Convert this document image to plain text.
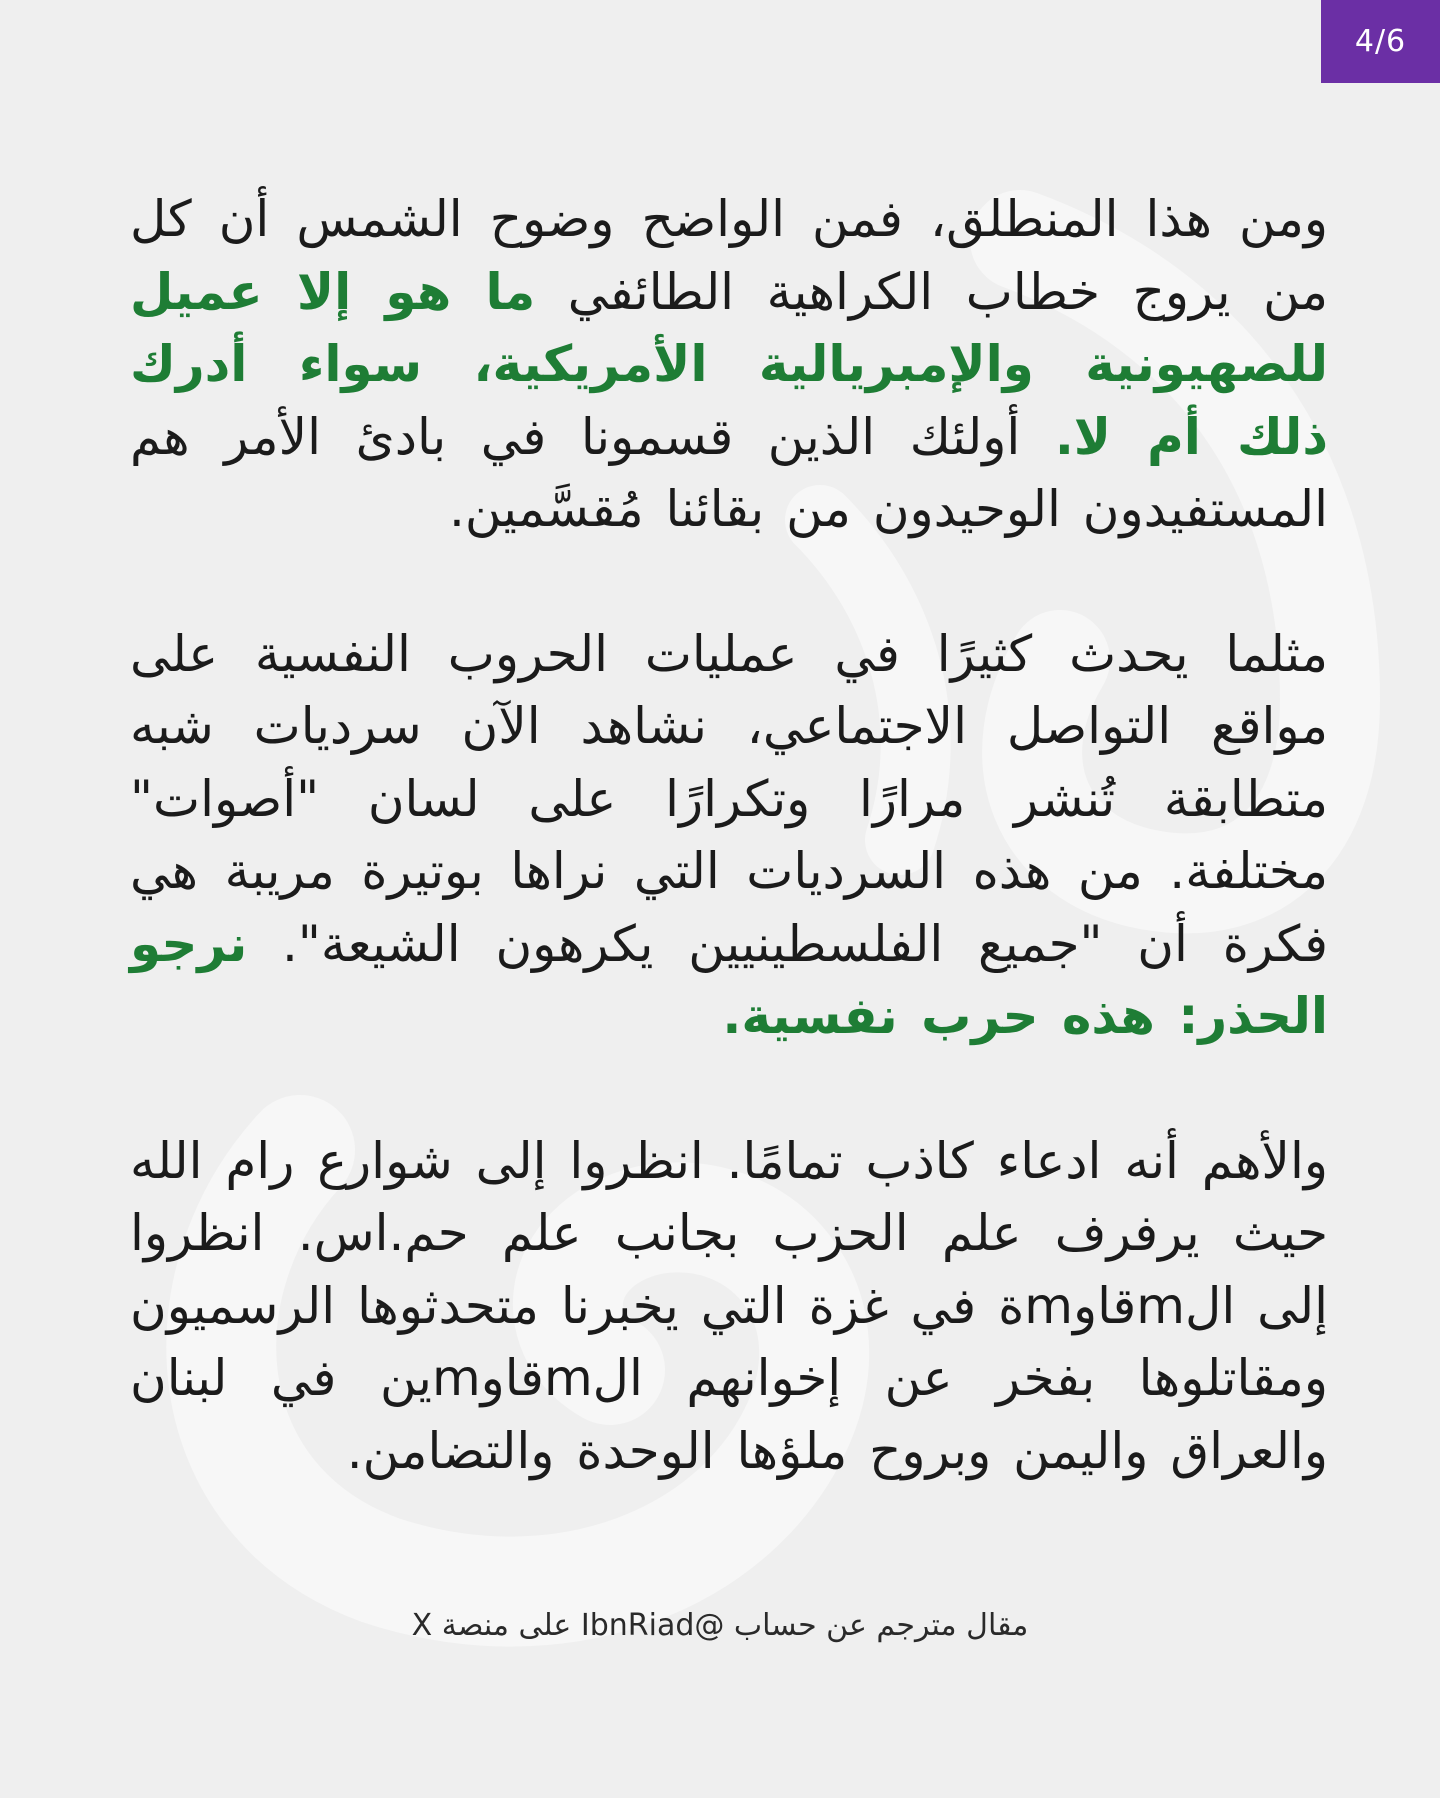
4/6

ومن هذا المنطلق، فمن الواضح وضوح الشمس أن كل من يروج خطاب الكراهية الطائفي ما هو إلا عميل للصهيونية والإمبريالية الأمريكية، سواء أدرك ذلك أم لا. أولئك الذين قسمونا في بادئ الأمر هم المستفيدون الوحيدون من بقائنا مُقسَّمين.

مثلما يحدث كثيرًا في عمليات الحروب النفسية على مواقع التواصل الاجتماعي، نشاهد الآن سرديات شبه متطابقة تُنشر مرارًا وتكرارًا على لسان "أصوات" مختلفة. من هذه السرديات التي نراها بوتيرة مريبة هي فكرة أن "جميع الفلسطينيين يكرهون الشيعة". نرجو الحذر: هذه حرب نفسية.

والأهم أنه ادعاء كاذب تمامًا. انظروا إلى شوارع رام الله حيث يرفرف علم الحزب بجانب علم حم.اس. انظروا إلى الmقاوmة في غزة التي يخبرنا متحدثوها الرسميون ومقاتلوها بفخر عن إخوانهم الmقاوmين في لبنان والعراق واليمن وبروح ملؤها الوحدة والتضامن.

مقال مترجم عن حساب @IbnRiad على منصة X
